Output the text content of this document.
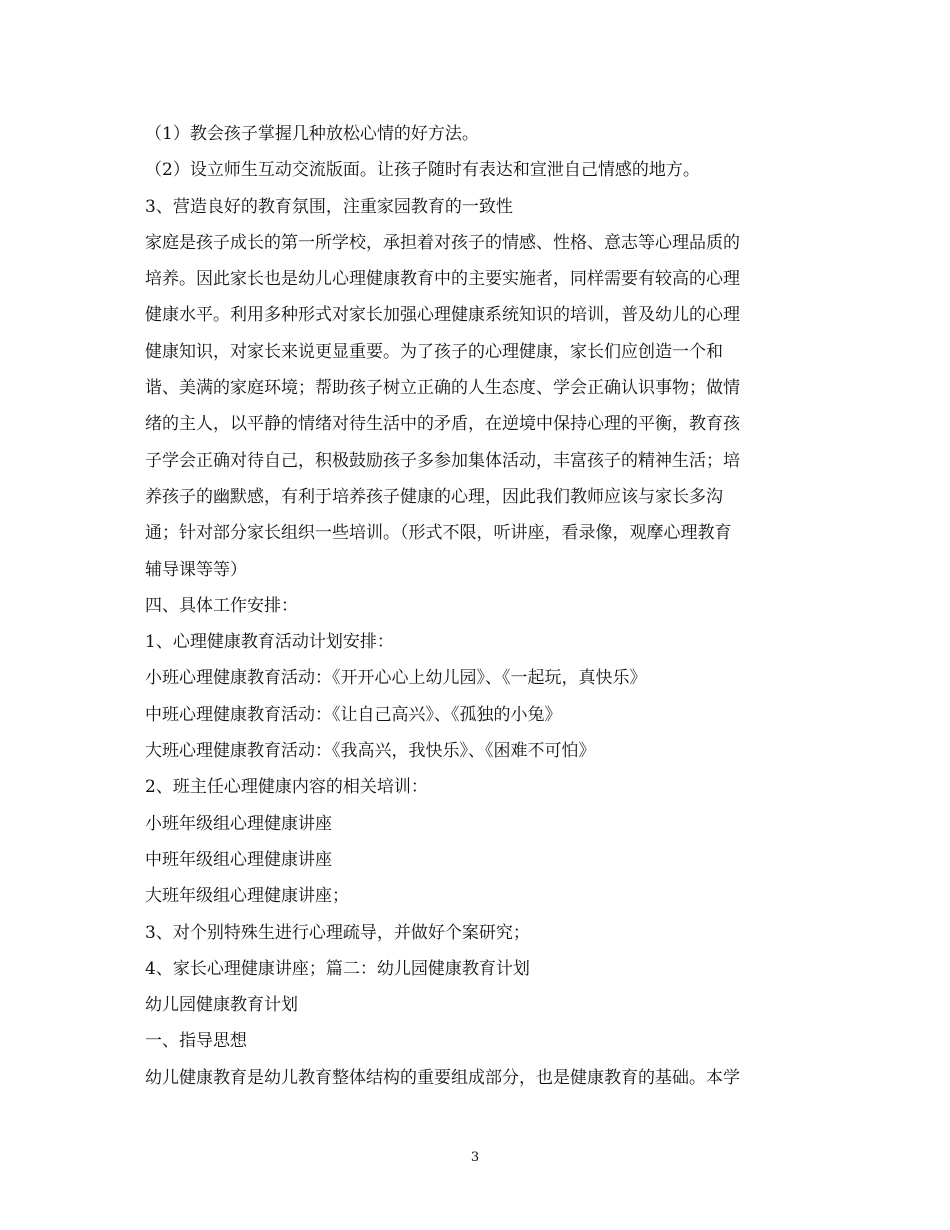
（1）教会孩子掌握几种放松心情的好方法。
（2）设立师生互动交流版面。让孩子随时有表达和宣泄自己情感的地方。
3、营造良好的教育氛围，注重家园教育的一致性
家庭是孩子成长的第一所学校，承担着对孩子的情感、性格、意志等心理品质的
培养。因此家长也是幼儿心理健康教育中的主要实施者，同样需要有较高的心理
健康水平。利用多种形式对家长加强心理健康系统知识的培训，普及幼儿的心理
健康知识，对家长来说更显重要。为了孩子的心理健康，家长们应创造一个和
谐、美满的家庭环境；帮助孩子树立正确的人生态度、学会正确认识事物；做情
绪的主人，以平静的情绪对待生活中的矛盾，在逆境中保持心理的平衡，教育孩
子学会正确对待自己，积极鼓励孩子多参加集体活动，丰富孩子的精神生活；培
养孩子的幽默感，有利于培养孩子健康的心理，因此我们教师应该与家长多沟
通；针对部分家长组织一些培训。（形式不限，听讲座，看录像，观摩心理教育
辅导课等等）
四、具体工作安排：
1、心理健康教育活动计划安排：
小班心理健康教育活动：《开开心心上幼儿园》、《一起玩，真快乐》
中班心理健康教育活动：《让自己高兴》、《孤独的小兔》
大班心理健康教育活动：《我高兴，我快乐》、《困难不可怕》
2、班主任心理健康内容的相关培训：
小班年级组心理健康讲座
中班年级组心理健康讲座
大班年级组心理健康讲座；
3、对个别特殊生进行心理疏导，并做好个案研究；
4、家长心理健康讲座；篇二：幼儿园健康教育计划
幼儿园健康教育计划
一、指导思想
幼儿健康教育是幼儿教育整体结构的重要组成部分，也是健康教育的基础。本学
3
